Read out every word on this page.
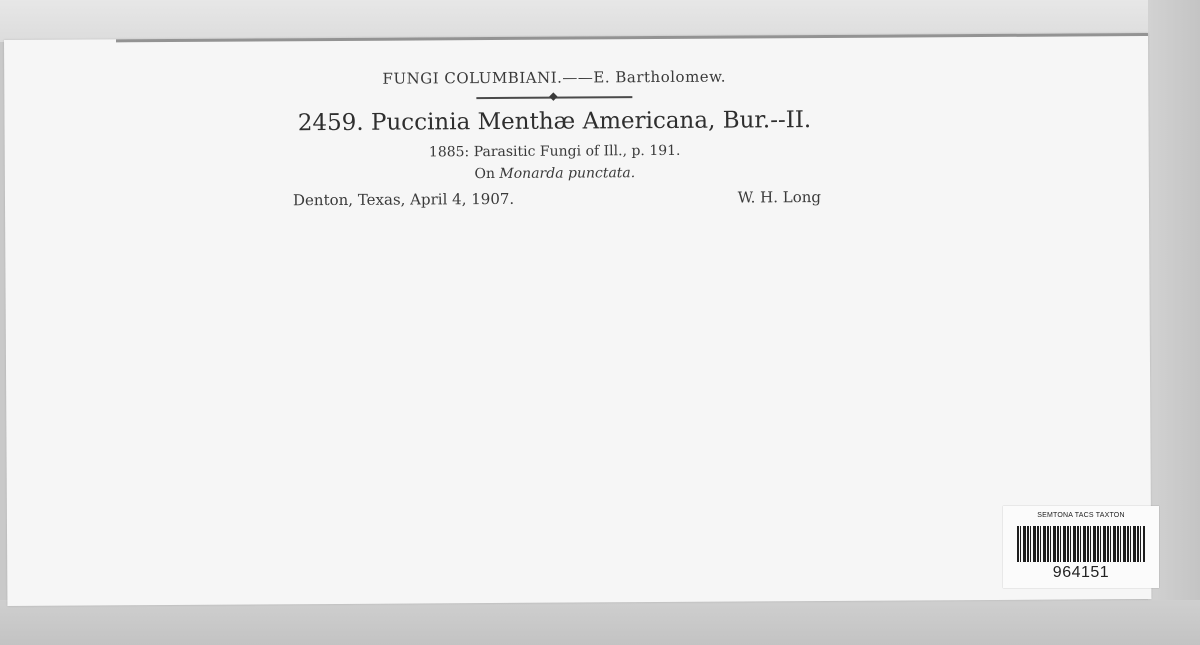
FUNGI COLUMBIANI.——E. Bartholomew.
2459. Puccinia Menthæ Americana, Bur.--II.
1885: Parasitic Fungi of Ill., p. 191.
On Monarda punctata.
Denton, Texas, April 4, 1907.	W. H. Long
SEMTONA TACS TAXTON
964151
